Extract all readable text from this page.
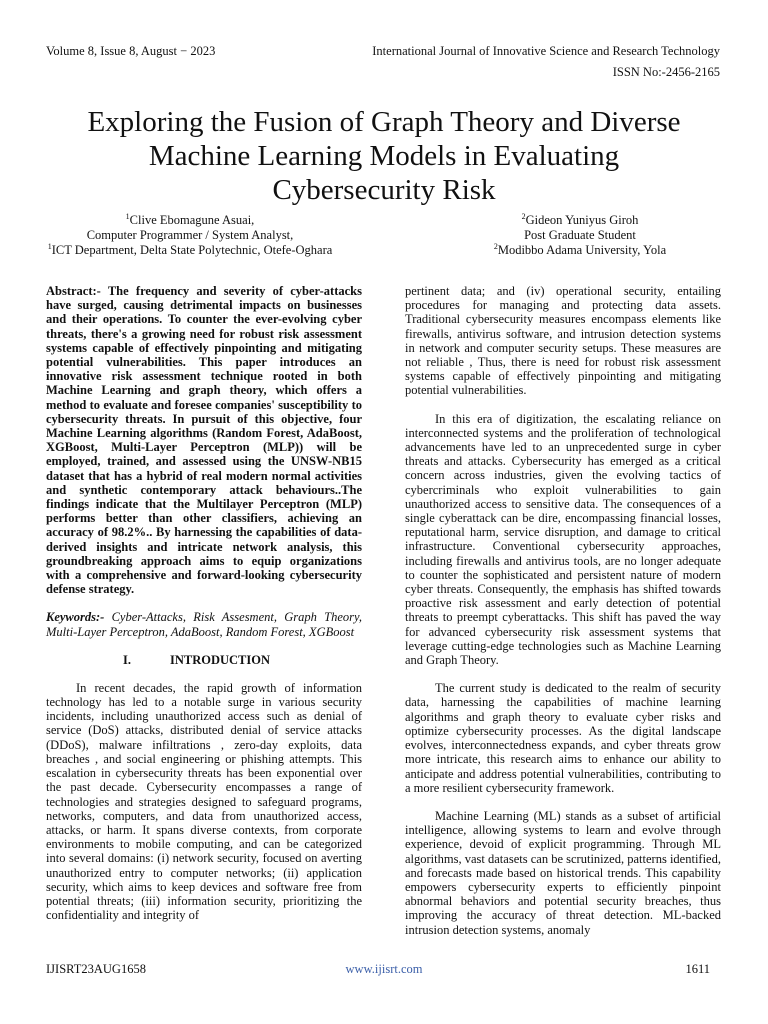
Volume 8, Issue 8, August − 2023	International Journal of Innovative Science and Research Technology
ISSN No:-2456-2165
Exploring the Fusion of Graph Theory and Diverse
Machine Learning Models in Evaluating
Cybersecurity Risk
$^1$Clive Ebomagune Asuai,
Computer Programmer / System Analyst,
$^1$ICT Department, Delta State Polytechnic, Otefe-Oghara
$^2$Gideon Yuniyus Giroh
Post Graduate Student
$^2$Modibbo Adama University, Yola

Abstract:- The frequency and severity of cyber-attacks have surged, causing detrimental impacts on businesses and their operations. To counter the ever-evolving cyber threats, there's a growing need for robust risk assessment systems capable of effectively pinpointing and mitigating potential vulnerabilities. This paper introduces an innovative risk assessment technique rooted in both Machine Learning and graph theory, which offers a method to evaluate and foresee companies' susceptibility to cybersecurity threats. In pursuit of this objective, four Machine Learning algorithms (Random Forest, AdaBoost, XGBoost, Multi-Layer Perceptron (MLP)) will be employed, trained, and assessed using the UNSW-NB15 dataset that has a hybrid of real modern normal activities and synthetic contemporary attack behaviours..The findings indicate that the Multilayer Perceptron (MLP) performs better than other classifiers, achieving an accuracy of 98.2%.. By harnessing the capabilities of data-derived insights and intricate network analysis, this groundbreaking approach aims to equip organizations with a comprehensive and forward-looking cybersecurity defense strategy.

Keywords:- Cyber-Attacks, Risk Assesment, Graph Theory, Multi-Layer Perceptron, AdaBoost, Random Forest, XGBoost

I.	INTRODUCTION

In recent decades, the rapid growth of information technology has led to a notable surge in various security incidents, including unauthorized access such as denial of service (DoS) attacks, distributed denial of service attacks (DDoS), malware infiltrations , zero-day exploits, data breaches , and social engineering or phishing attempts. This escalation in cybersecurity threats has been exponential over the past decade. Cybersecurity encompasses a range of technologies and strategies designed to safeguard programs, networks, computers, and data from unauthorized access, attacks, or harm. It spans diverse contexts, from corporate environments to mobile computing, and can be categorized into several domains: (i) network security, focused on averting unauthorized entry to computer networks; (ii) application security, which aims to keep devices and software free from potential threats; (iii) information security, prioritizing the confidentiality and integrity of

pertinent data; and (iv) operational security, entailing procedures for managing and protecting data assets. Traditional cybersecurity measures encompass elements like firewalls, antivirus software, and intrusion detection systems in network and computer security setups. These measures are not reliable , Thus, there is need for robust risk assessment systems capable of effectively pinpointing and mitigating potential vulnerabilities.

In this era of digitization, the escalating reliance on interconnected systems and the proliferation of technological advancements have led to an unprecedented surge in cyber threats and attacks. Cybersecurity has emerged as a critical concern across industries, given the evolving tactics of cybercriminals who exploit vulnerabilities to gain unauthorized access to sensitive data. The consequences of a single cyberattack can be dire, encompassing financial losses, reputational harm, service disruption, and damage to critical infrastructure. Conventional cybersecurity approaches, including firewalls and antivirus tools, are no longer adequate to counter the sophisticated and persistent nature of modern cyber threats. Consequently, the emphasis has shifted towards proactive risk assessment and early detection of potential threats to preempt cyberattacks. This shift has paved the way for advanced cybersecurity risk assessment systems that leverage cutting-edge technologies such as Machine Learning and Graph Theory.

The current study is dedicated to the realm of security data, harnessing the capabilities of machine learning algorithms and graph theory to evaluate cyber risks and optimize cybersecurity processes. As the digital landscape evolves, interconnectedness expands, and cyber threats grow more intricate, this research aims to enhance our ability to anticipate and address potential vulnerabilities, contributing to a more resilient cybersecurity framework.

Machine Learning (ML) stands as a subset of artificial intelligence, allowing systems to learn and evolve through experience, devoid of explicit programming. Through ML algorithms, vast datasets can be scrutinized, patterns identified, and forecasts made based on historical trends. This capability empowers cybersecurity experts to efficiently pinpoint abnormal behaviors and potential security breaches, thus improving the accuracy of threat detection. ML-backed intrusion detection systems, anomaly

IJISRT23AUG1658	www.ijisrt.com	1611
